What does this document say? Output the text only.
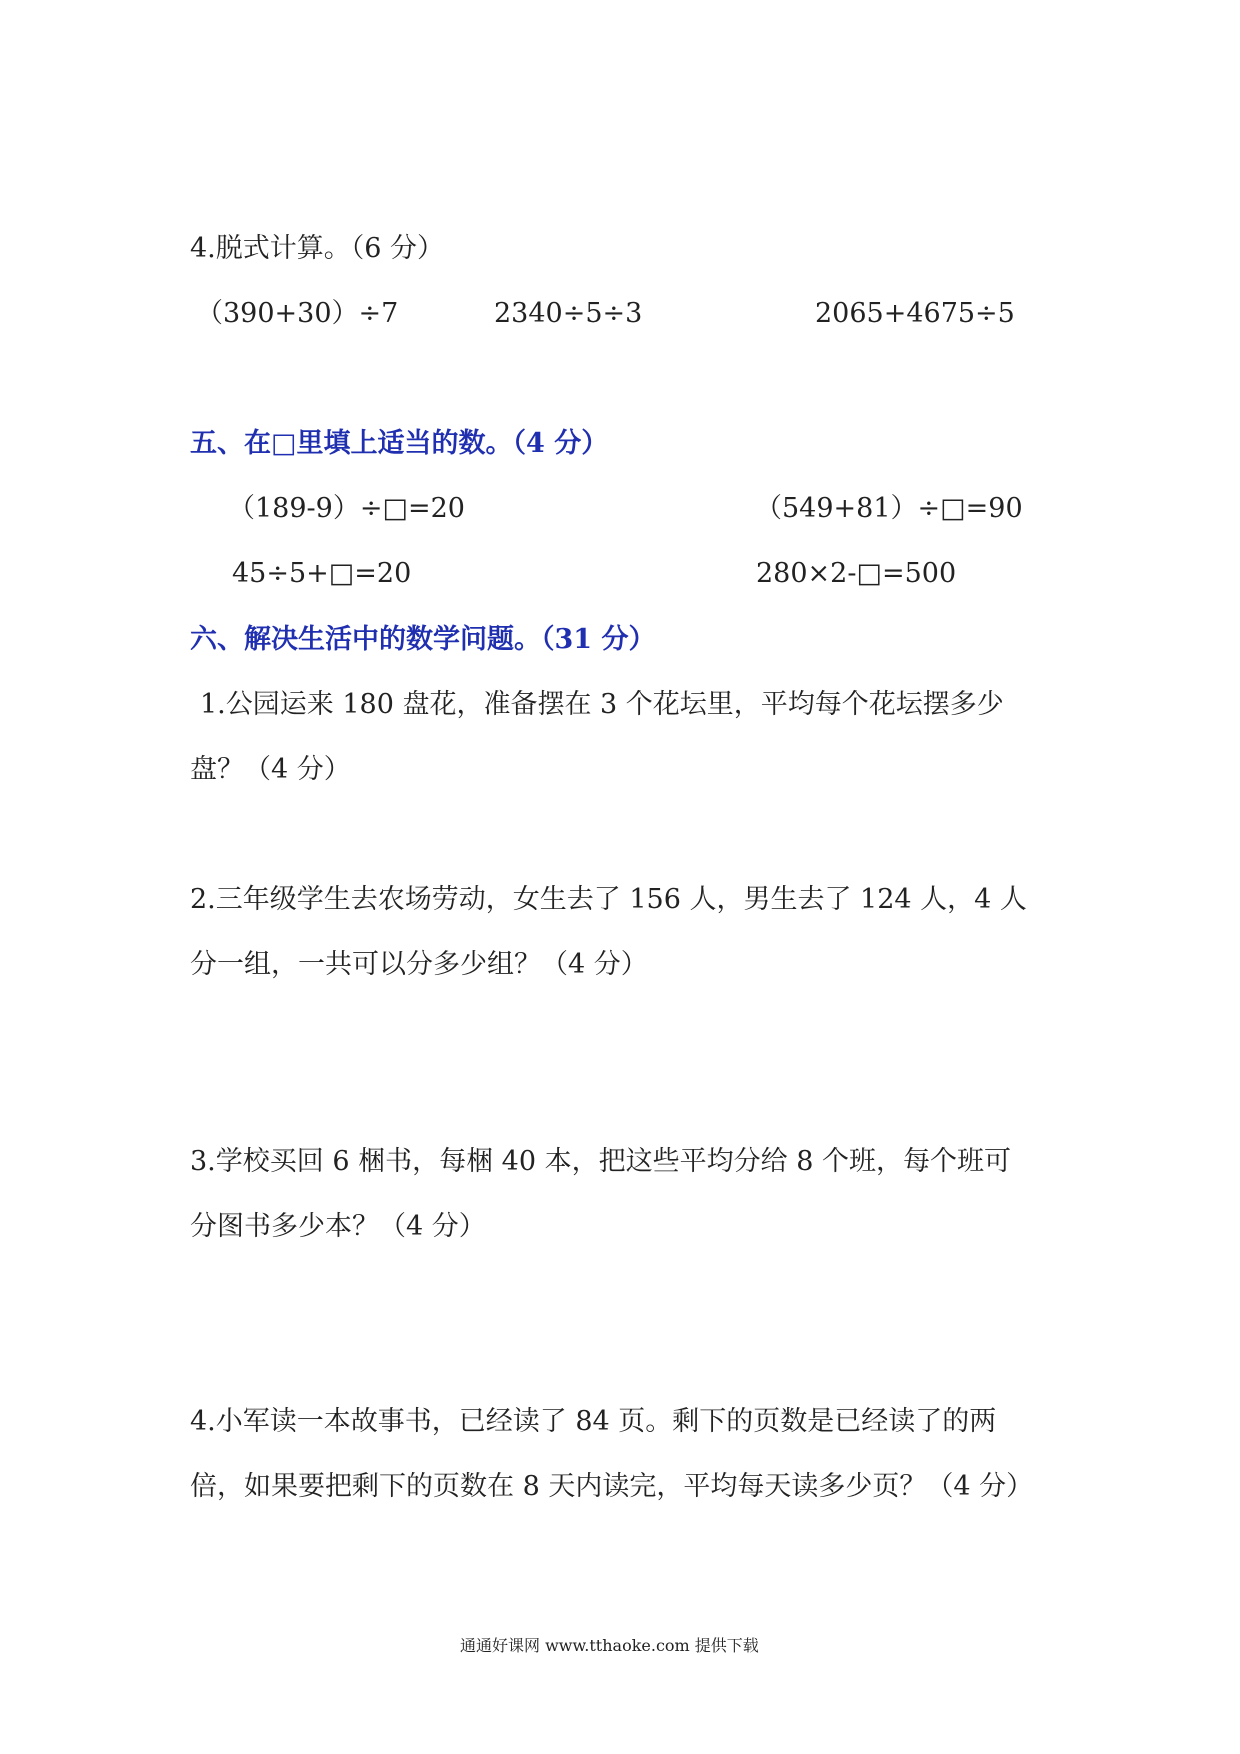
4.脱式计算。（6 分）
（390+30）÷7	2340÷5÷3	2065+4675÷5
五、在□里填上适当的数。（4 分）
（189-9）÷□=20	（549+81）÷□=90
45÷5+□=20	280×2-□=500
六、解决生活中的数学问题。（31 分）
1.公园运来 180 盘花，准备摆在 3 个花坛里，平均每个花坛摆多少
盘？（4 分）
2.三年级学生去农场劳动，女生去了 156 人，男生去了 124 人，4 人
分一组，一共可以分多少组？（4 分）
3.学校买回 6 梱书，每梱 40 本，把这些平均分给 8 个班，每个班可
分图书多少本？（4 分）
4.小军读一本故事书，已经读了 84 页。剩下的页数是已经读了的两
倍，如果要把剩下的页数在 8 天内读完，平均每天读多少页？（4 分）
通通好课网 www.tthaoke.com 提供下载
